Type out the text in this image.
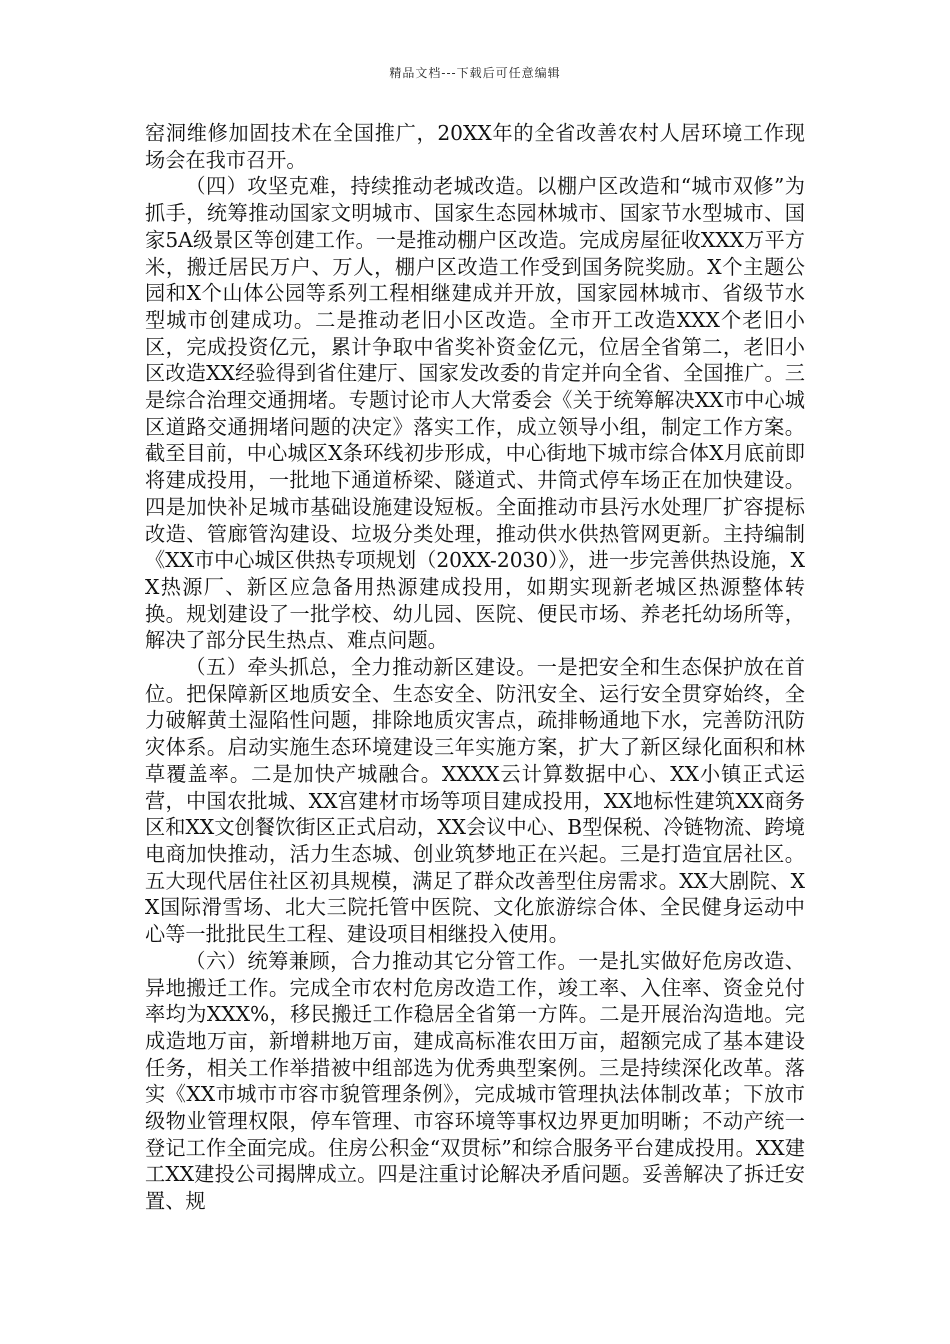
精品文档---下载后可任意编辑

窑洞维修加固技术在全国推广，20XX年的全省改善农村人居环境工作现场会在我市召开。

（四）攻坚克难，持续推动老城改造。以棚户区改造和“城市双修”为抓手，统筹推动国家文明城市、国家生态园林城市、国家节水型城市、国家5A级景区等创建工作。一是推动棚户区改造。完成房屋征收XXX万平方米，搬迁居民万户、万人，棚户区改造工作受到国务院奖励。X个主题公园和X个山体公园等系列工程相继建成并开放，国家园林城市、省级节水型城市创建成功。二是推动老旧小区改造。全市开工改造XXX个老旧小区，完成投资亿元，累计争取中省奖补资金亿元，位居全省第二，老旧小区改造XX经验得到省住建厅、国家发改委的肯定并向全省、全国推广。三是综合治理交通拥堵。专题讨论市人大常委会《关于统筹解决XX市中心城区道路交通拥堵问题的决定》落实工作，成立领导小组，制定工作方案。截至目前，中心城区X条环线初步形成，中心街地下城市综合体X月底前即将建成投用，一批地下通道桥梁、隧道式、井筒式停车场正在加快建设。四是加快补足城市基础设施建设短板。全面推动市县污水处理厂扩容提标改造、管廊管沟建设、垃圾分类处理，推动供水供热管网更新。主持编制《XX市中心城区供热专项规划（20XX-2030）》，进一步完善供热设施，XX热源厂、新区应急备用热源建成投用，如期实现新老城区热源整体转换。规划建设了一批学校、幼儿园、医院、便民市场、养老托幼场所等，解决了部分民生热点、难点问题。

（五）牵头抓总，全力推动新区建设。一是把安全和生态保护放在首位。把保障新区地质安全、生态安全、防汛安全、运行安全贯穿始终，全力破解黄土湿陷性问题，排除地质灾害点，疏排畅通地下水，完善防汛防灾体系。启动实施生态环境建设三年实施方案，扩大了新区绿化面积和林草覆盖率。二是加快产城融合。XXXX云计算数据中心、XX小镇正式运营，中国农批城、XX宫建材市场等项目建成投用，XX地标性建筑XX商务区和XX文创餐饮街区正式启动，XX会议中心、B型保税、冷链物流、跨境电商加快推动，活力生态城、创业筑梦地正在兴起。三是打造宜居社区。五大现代居住社区初具规模，满足了群众改善型住房需求。XX大剧院、XX国际滑雪场、北大三院托管中医院、文化旅游综合体、全民健身运动中心等一批批民生工程、建设项目相继投入使用。

（六）统筹兼顾，合力推动其它分管工作。一是扎实做好危房改造、异地搬迁工作。完成全市农村危房改造工作，竣工率、入住率、资金兑付率均为XXX%，移民搬迁工作稳居全省第一方阵。二是开展治沟造地。完成造地万亩，新增耕地万亩，建成高标准农田万亩，超额完成了基本建设任务，相关工作举措被中组部选为优秀典型案例。三是持续深化改革。落实《XX市城市市容市貌管理条例》，完成城市管理执法体制改革；下放市级物业管理权限，停车管理、市容环境等事权边界更加明晰；不动产统一登记工作全面完成。住房公积金“双贯标”和综合服务平台建成投用。XX建工XX建投公司揭牌成立。四是注重讨论解决矛盾问题。妥善解决了拆迁安置、规
